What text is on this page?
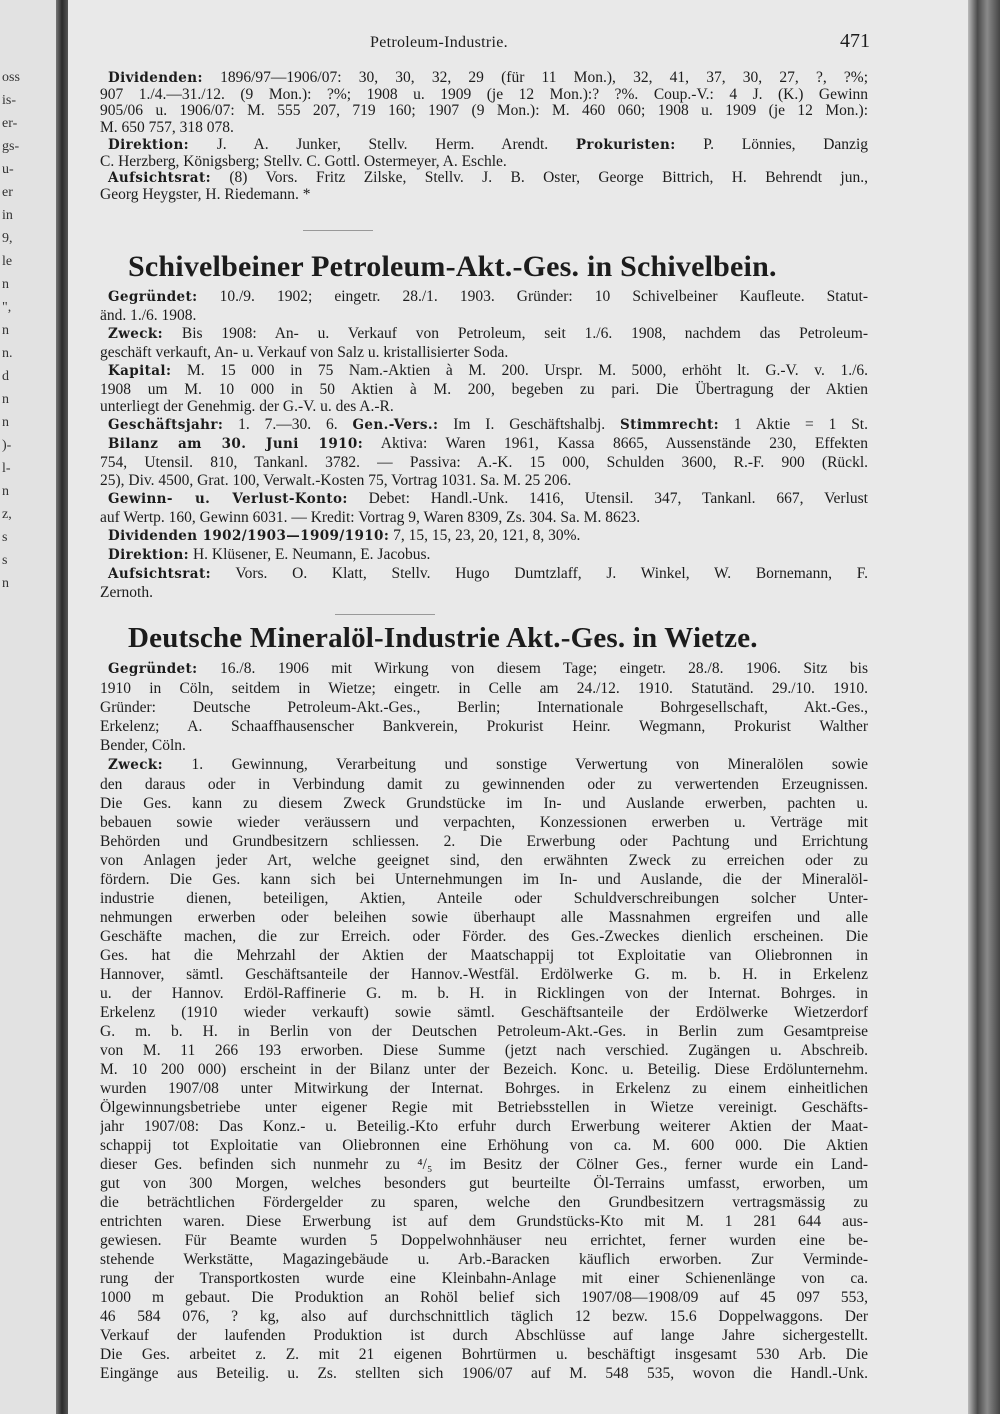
oss
is-
er-
gs-
u-
er
in
9,
le
n
",
n
n.
d
n
n
)-
l-
n
z,
s
s
n
Petroleum-Industrie.	471
Dividenden: 1896/97—1906/07: 30, 30, 32, 29 (für 11 Mon.), 32, 41, 37, 30, 27, ?, ?%;
907 1./4.—31./12. (9 Mon.): ?%; 1908 u. 1909 (je 12 Mon.):? ?%. Coup.-V.: 4 J. (K.) Gewinn
905/06 u. 1906/07: M. 555 207, 719 160; 1907 (9 Mon.): M. 460 060; 1908 u. 1909 (je 12 Mon.):
M. 650 757, 318 078.
Direktion: J. A. Junker, Stellv. Herm. Arendt. Prokuristen: P. Lönnies, Danzig
C. Herzberg, Königsberg; Stellv. C. Gottl. Ostermeyer, A. Eschle.
Aufsichtsrat: (8) Vors. Fritz Zilske, Stellv. J. B. Oster, George Bittrich, H. Behrendt jun.,
Georg Heygster, H. Riedemann. *
Schivelbeiner Petroleum-Akt.-Ges. in Schivelbein.
Gegründet: 10./9. 1902; eingetr. 28./1. 1903. Gründer: 10 Schivelbeiner Kaufleute. Statut-
änd. 1./6. 1908.
Zweck: Bis 1908: An- u. Verkauf von Petroleum, seit 1./6. 1908, nachdem das Petroleum-
geschäft verkauft, An- u. Verkauf von Salz u. kristallisierter Soda.
Kapital: M. 15 000 in 75 Nam.-Aktien à M. 200. Urspr. M. 5000, erhöht lt. G.-V. v. 1./6.
1908 um M. 10 000 in 50 Aktien à M. 200, begeben zu pari. Die Übertragung der Aktien
unterliegt der Genehmig. der G.-V. u. des A.-R.
Geschäftsjahr: 1. 7.—30. 6. Gen.-Vers.: Im I. Geschäftshalbj. Stimmrecht: 1 Aktie = 1 St.
Bilanz am 30. Juni 1910: Aktiva: Waren 1961, Kassa 8665, Aussenstände 230, Effekten
754, Utensil. 810, Tankanl. 3782. — Passiva: A.-K. 15 000, Schulden 3600, R.-F. 900 (Rückl.
25), Div. 4500, Grat. 100, Verwalt.-Kosten 75, Vortrag 1031. Sa. M. 25 206.
Gewinn- u. Verlust-Konto: Debet: Handl.-Unk. 1416, Utensil. 347, Tankanl. 667, Verlust
auf Wertp. 160, Gewinn 6031. — Kredit: Vortrag 9, Waren 8309, Zs. 304. Sa. M. 8623.
Dividenden 1902/1903—1909/1910: 7, 15, 15, 23, 20, 121, 8, 30%.
Direktion: H. Klüsener, E. Neumann, E. Jacobus.
Aufsichtsrat: Vors. O. Klatt, Stellv. Hugo Dumtzlaff, J. Winkel, W. Bornemann, F.
Zernoth.
Deutsche Mineralöl-Industrie Akt.-Ges. in Wietze.
Gegründet: 16./8. 1906 mit Wirkung von diesem Tage; eingetr. 28./8. 1906. Sitz bis
1910 in Cöln, seitdem in Wietze; eingetr. in Celle am 24./12. 1910. Statutänd. 29./10. 1910.
Gründer: Deutsche Petroleum-Akt.-Ges., Berlin; Internationale Bohrgesellschaft, Akt.-Ges.,
Erkelenz; A. Schaaffhausenscher Bankverein, Prokurist Heinr. Wegmann, Prokurist Walther
Bender, Cöln.
Zweck: 1. Gewinnung, Verarbeitung und sonstige Verwertung von Mineralölen sowie
den daraus oder in Verbindung damit zu gewinnenden oder zu verwertenden Erzeugnissen.
Die Ges. kann zu diesem Zweck Grundstücke im In- und Auslande erwerben, pachten u.
bebauen sowie wieder veräussern und verpachten, Konzessionen erwerben u. Verträge mit
Behörden und Grundbesitzern schliessen. 2. Die Erwerbung oder Pachtung und Errichtung
von Anlagen jeder Art, welche geeignet sind, den erwähnten Zweck zu erreichen oder zu
fördern. Die Ges. kann sich bei Unternehmungen im In- und Auslande, die der Mineralöl-
industrie dienen, beteiligen, Aktien, Anteile oder Schuldverschreibungen solcher Unter-
nehmungen erwerben oder beleihen sowie überhaupt alle Massnahmen ergreifen und alle
Geschäfte machen, die zur Erreich. oder Förder. des Ges.-Zweckes dienlich erscheinen. Die
Ges. hat die Mehrzahl der Aktien der Maatschappij tot Exploitatie van Oliebronnen in
Hannover, sämtl. Geschäftsanteile der Hannov.-Westfäl. Erdölwerke G. m. b. H. in Erkelenz
u. der Hannov. Erdöl-Raffinerie G. m. b. H. in Ricklingen von der Internat. Bohrges. in
Erkelenz (1910 wieder verkauft) sowie sämtl. Geschäftsanteile der Erdölwerke Wietzerdorf
G. m. b. H. in Berlin von der Deutschen Petroleum-Akt.-Ges. in Berlin zum Gesamtpreise
von M. 11 266 193 erworben. Diese Summe (jetzt nach verschied. Zugängen u. Abschreib.
M. 10 200 000) erscheint in der Bilanz unter der Bezeich. Konc. u. Beteilig. Diese Erdölunternehm.
wurden 1907/08 unter Mitwirkung der Internat. Bohrges. in Erkelenz zu einem einheitlichen
Ölgewinnungsbetriebe unter eigener Regie mit Betriebsstellen in Wietze vereinigt. Geschäfts-
jahr 1907/08: Das Konz.- u. Beteilig.-Kto erfuhr durch Erwerbung weiterer Aktien der Maat-
schappij tot Exploitatie van Oliebronnen eine Erhöhung von ca. M. 600 000. Die Aktien
dieser Ges. befinden sich nunmehr zu ⁴/₅ im Besitz der Cölner Ges., ferner wurde ein Land-
gut von 300 Morgen, welches besonders gut beurteilte Öl-Terrains umfasst, erworben, um
die beträchtlichen Fördergelder zu sparen, welche den Grundbesitzern vertragsmässig zu
entrichten waren. Diese Erwerbung ist auf dem Grundstücks-Kto mit M. 1 281 644 aus-
gewiesen. Für Beamte wurden 5 Doppelwohnhäuser neu errichtet, ferner wurden eine be-
stehende Werkstätte, Magazingebäude u. Arb.-Baracken käuflich erworben. Zur Verminde-
rung der Transportkosten wurde eine Kleinbahn-Anlage mit einer Schienenlänge von ca.
1000 m gebaut. Die Produktion an Rohöl belief sich 1907/08—1908/09 auf 45 097 553,
46 584 076, ? kg, also auf durchschnittlich täglich 12 bezw. 15.6 Doppelwaggons. Der
Verkauf der laufenden Produktion ist durch Abschlüsse auf lange Jahre sichergestellt.
Die Ges. arbeitet z. Z. mit 21 eigenen Bohrtürmen u. beschäftigt insgesamt 530 Arb. Die
Eingänge aus Beteilig. u. Zs. stellten sich 1906/07 auf M. 548 535, wovon die Handl.-Unk.
